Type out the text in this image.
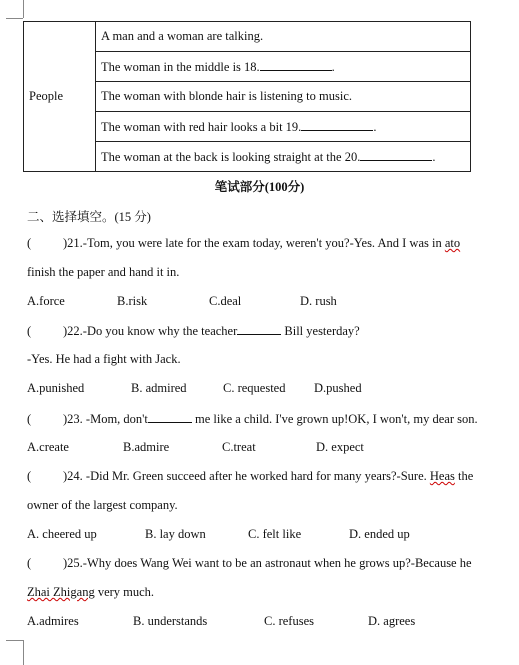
People	A man and a woman are talking.
The woman in the middle is 18.	.
The woman with blonde hair is listening to music.
The woman with red hair looks a bit 19.	.
The woman at the back is looking straight at the 20.	.
笔试部分(100分)
二、选择填空。(15 分)
(	)21.-Tom, you were late for the exam today, weren't you?-Yes. And I was in ato
finish the paper and hand it in.
A.force	B.risk	C.deal	D. rush
(	)22.-Do you know why the teacher	Bill yesterday?
-Yes. He had a fight with Jack.
A.punished	B. admired	C. requested D.pushed
(	)23. -Mom, don't	me like a child. I've grown up!OK, I won't, my dear son.
A.create	B.admire	C.treat	D. expect
(	)24. -Did Mr. Green succeed after he worked hard for many years?-Sure. Heas the
owner of the largest company.
A. cheered up	B. lay down	C. felt like	D. ended up
(	)25.-Why does Wang Wei want to be an astronaut when he grows up?-Because he
Zhai Zhigang very much.
A.admires	B. understands	C. refuses	D. agrees
